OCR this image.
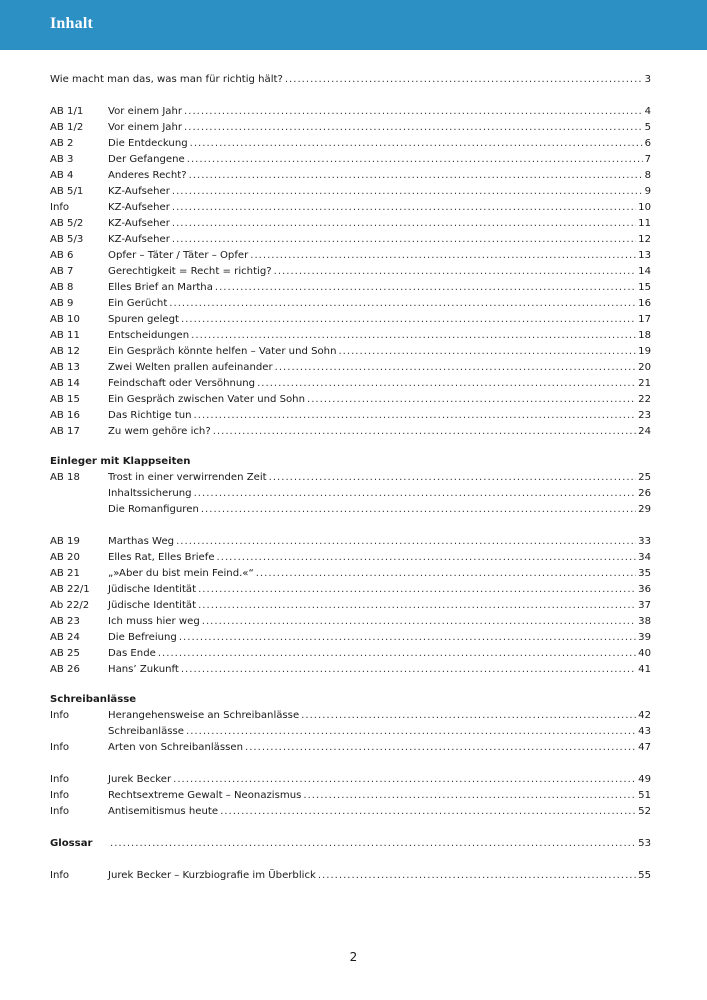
Inhalt
Wie macht man das, was man für richtig hält? .....	3
AB 1/1	Vor einem Jahr .....	4
AB 1/2	Vor einem Jahr .....	5
AB 2	Die Entdeckung .....	6
AB 3	Der Gefangene .....	7
AB 4	Anderes Recht? .....	8
AB 5/1	KZ-Aufseher .....	9
Info	KZ-Aufseher .....	10
AB 5/2	KZ-Aufseher .....	11
AB 5/3	KZ-Aufseher .....	12
AB 6	Opfer – Täter / Täter – Opfer .....	13
AB 7	Gerechtigkeit = Recht = richtig? .....	14
AB 8	Elles Brief an Martha .....	15
AB 9	Ein Gerücht .....	16
AB 10	Spuren gelegt .....	17
AB 11	Entscheidungen .....	18
AB 12	Ein Gespräch könnte helfen – Vater und Sohn .....	19
AB 13	Zwei Welten prallen aufeinander .....	20
AB 14	Feindschaft oder Versöhnung .....	21
AB 15	Ein Gespräch zwischen Vater und Sohn .....	22
AB 16	Das Richtige tun .....	23
AB 17	Zu wem gehöre ich? .....	24
Einleger mit Klappseiten
AB 18	Trost in einer verwirrenden Zeit .....	25
Inhaltssicherung .....	26
Die Romanfiguren .....	29
AB 19	Marthas Weg .....	33
AB 20	Elles Rat, Elles Briefe .....	34
AB 21	„»Aber du bist mein Feind.«“ .....	35
AB 22/1	Jüdische Identität .....	36
Ab 22/2	Jüdische Identität .....	37
AB 23	Ich muss hier weg .....	38
AB 24	Die Befreiung .....	39
AB 25	Das Ende .....	40
AB 26	Hans’ Zukunft .....	41
Schreibanlässe
Info	Herangehensweise an Schreibanlässe .....	42
Schreibanlässe .....	43
Info	Arten von Schreibanlässen .....	47
Info	Jurek Becker .....	49
Info	Rechtsextreme Gewalt – Neonazismus .....	51
Info	Antisemitismus heute .....	52
Glossar .....	53
Info	Jurek Becker – Kurzbiografie im Überblick .....	55
2
